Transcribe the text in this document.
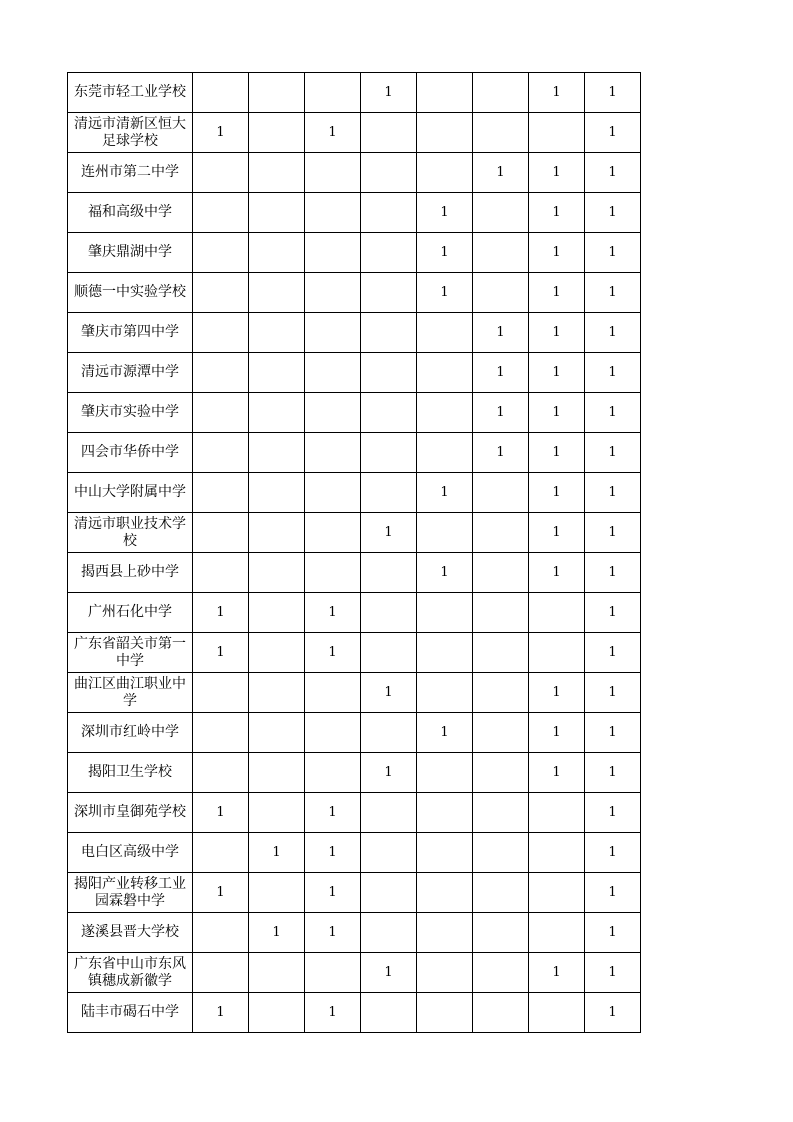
东莞市轻工业学校				1			1	1
清远市清新区恒大足球学校	1		1					1
连州市第二中学						1	1	1
福和高级中学					1		1	1
肇庆鼎湖中学					1		1	1
顺德一中实验学校					1		1	1
肇庆市第四中学						1	1	1
清远市源潭中学						1	1	1
肇庆市实验中学						1	1	1
四会市华侨中学						1	1	1
中山大学附属中学					1		1	1
清远市职业技术学校				1			1	1
揭西县上砂中学					1		1	1
广州石化中学	1		1					1
广东省韶关市第一中学	1		1					1
曲江区曲江职业中学				1			1	1
深圳市红岭中学					1		1	1
揭阳卫生学校				1			1	1
深圳市皇御苑学校	1		1					1
电白区高级中学		1	1					1
揭阳产业转移工业园霖磐中学	1		1					1
遂溪县晋大学校		1	1					1
广东省中山市东风镇穗成新徽学				1			1	1
陆丰市碣石中学	1		1					1
